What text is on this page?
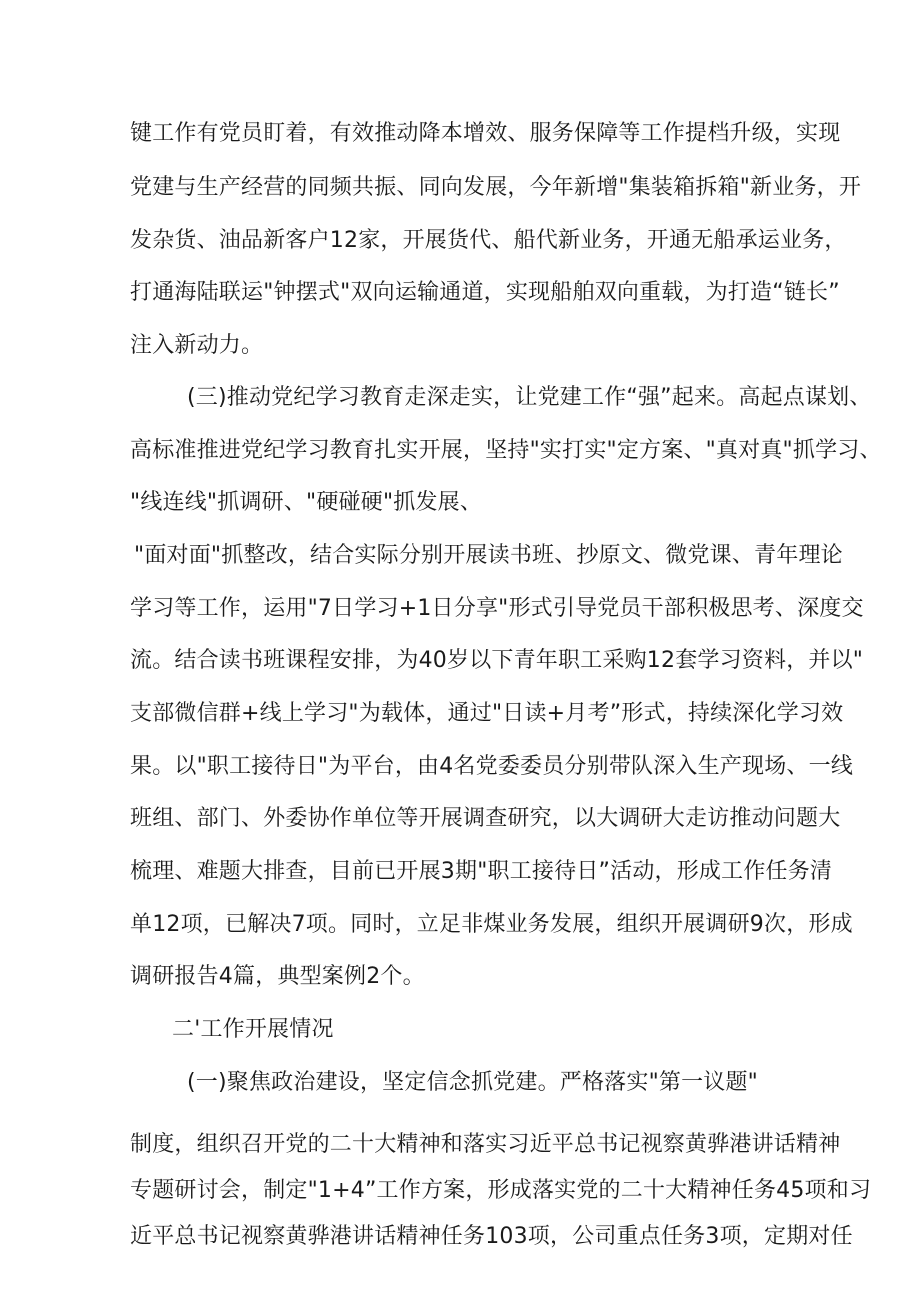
键工作有党员盯着，有效推动降本增效、服务保障等工作提档升级，实现
党建与生产经营的同频共振、同向发展，今年新增"集装箱拆箱"新业务，开
发杂货、油品新客户12家，开展货代、船代新业务，开通无船承运业务，
打通海陆联运"钟摆式"双向运输通道，实现船舶双向重载，为打造“链长”
注入新动力。
(三)推动党纪学习教育走深走实，让党建工作“强”起来。高起点谋划、
高标准推进党纪学习教育扎实开展，坚持"实打实"定方案、"真对真"抓学习、
"线连线"抓调研、"硬碰硬"抓发展、
"面对面"抓整改，结合实际分别开展读书班、抄原文、微党课、青年理论
学习等工作，运用"7日学习+1日分享"形式引导党员干部积极思考、深度交
流。结合读书班课程安排，为40岁以下青年职工采购12套学习资料，并以"
支部微信群+线上学习"为载体，通过"日读+月考”形式，持续深化学习效
果。以"职工接待日"为平台，由4名党委委员分别带队深入生产现场、一线
班组、部门、外委协作单位等开展调查研究，以大调研大走访推动问题大
梳理、难题大排查，目前已开展3期"职工接待日”活动，形成工作任务清
单12项，已解决7项。同时，立足非煤业务发展，组织开展调研9次，形成
调研报告4篇，典型案例2个。
二'工作开展情况
(一)聚焦政治建设，坚定信念抓党建。严格落实"第一议题"
制度，组织召开党的二十大精神和落实习近平总书记视察黄骅港讲话精神
专题研讨会，制定"1+4”工作方案，形成落实党的二十大精神任务45项和习
近平总书记视察黄骅港讲话精神任务103项，公司重点任务3项，定期对任
